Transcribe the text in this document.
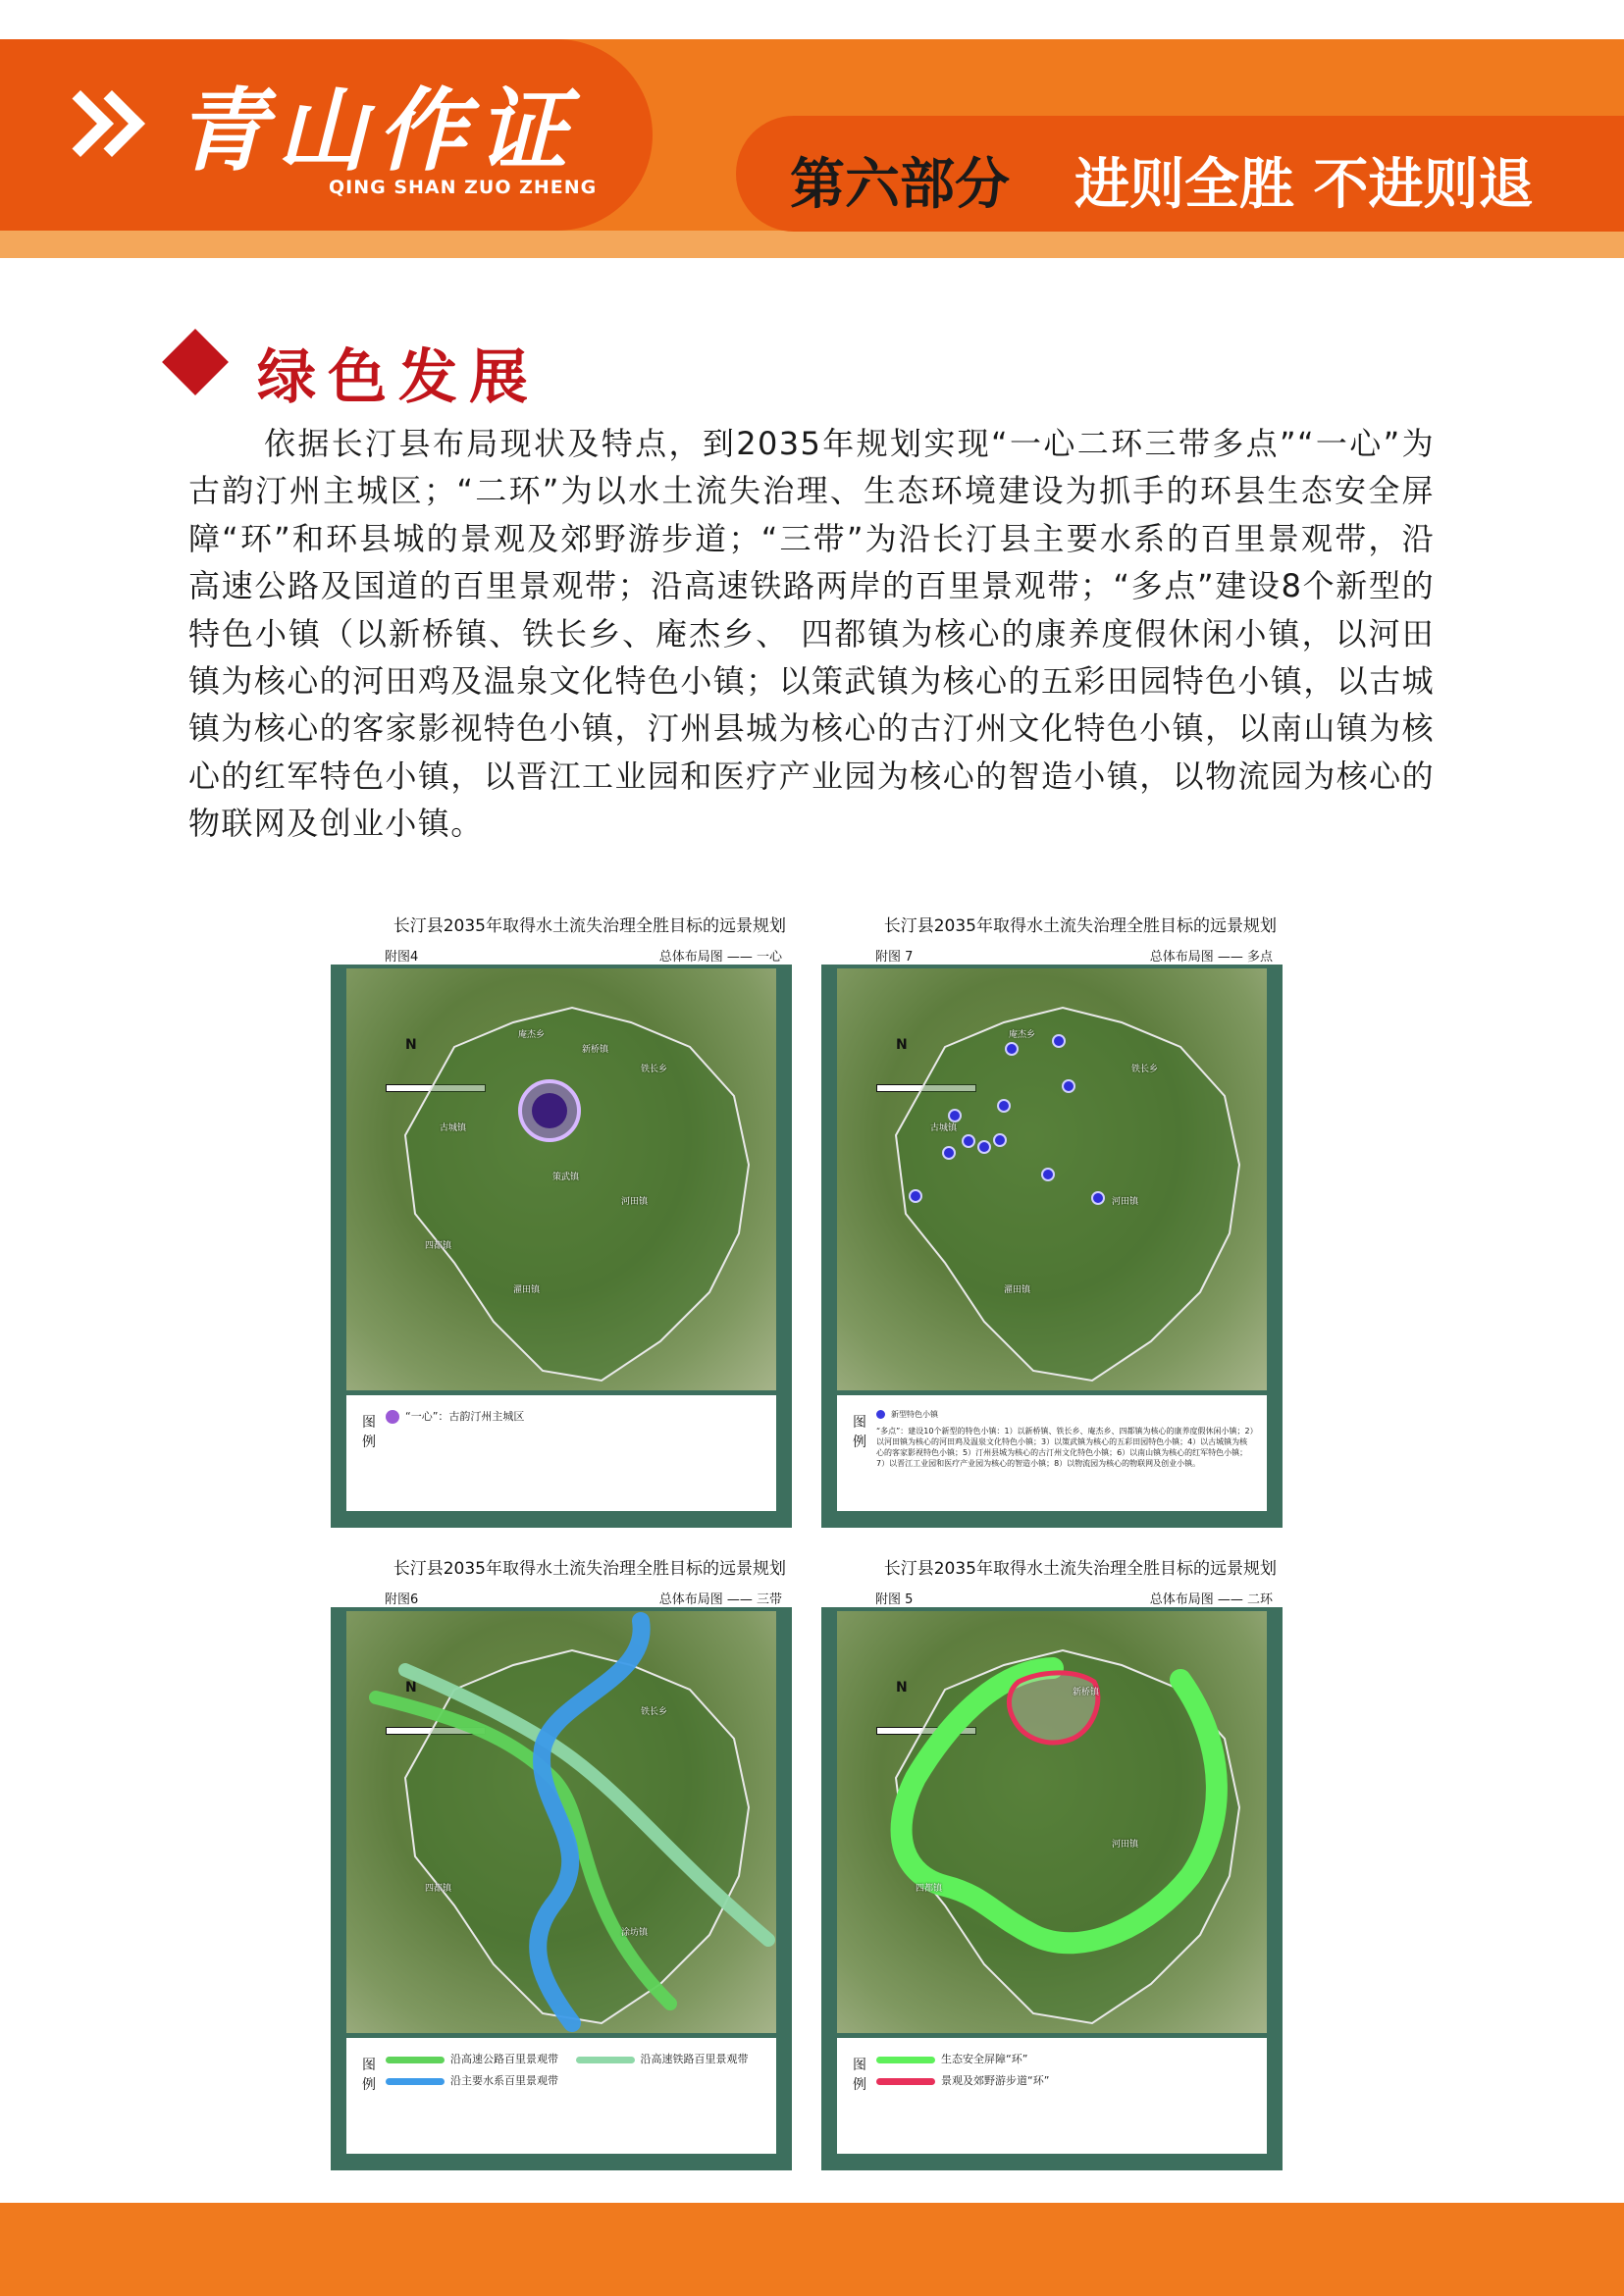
青山作证
QING SHAN ZUO ZHENG	第六部分 进则全胜 不进则退
绿色发展
依据长汀县布局现状及特点，到2035年规划实现“一心二环三带多点”“一心”为古韵汀州主城区；“二环”为以水土流失治理、生态环境建设为抓手的环县生态安全屏障“环”和环县城的景观及郊野游步道；“三带”为沿长汀县主要水系的百里景观带，沿高速公路及国道的百里景观带；沿高速铁路两岸的百里景观带；“多点”建设8个新型的特色小镇（以新桥镇、铁长乡、庵杰乡、 四都镇为核心的康养度假休闲小镇，以河田镇为核心的河田鸡及温泉文化特色小镇；以策武镇为核心的五彩田园特色小镇，以古城镇为核心的客家影视特色小镇，汀州县城为核心的古汀州文化特色小镇，以南山镇为核心的红军特色小镇，以晋江工业园和医疗产业园为核心的智造小镇，以物流园为核心的物联网及创业小镇。
长汀县2035年取得水土流失治理全胜目标的远景规划
附图4	总体布局图 —— 一心
N
庵杰乡
新桥镇
铁长乡
古城镇
策武镇
河田镇
濯田镇
四都镇
图例
“一心”：古韵汀州主城区
长汀县2035年取得水土流失治理全胜目标的远景规划
附图 7	总体布局图 —— 多点
N
庵杰乡
铁长乡
古城镇
河田镇
濯田镇
图例
新型特色小镇
“多点”：建设10个新型的特色小镇：1）以新桥镇、铁长乡、庵杰乡、四都镇为核心的康养度假休闲小镇；2）以河田镇为核心的河田鸡及温泉文化特色小镇；3）以策武镇为核心的五彩田园特色小镇；4）以古城镇为核心的客家影视特色小镇；5）汀州县城为核心的古汀州文化特色小镇；6）以南山镇为核心的红军特色小镇；7）以晋江工业园和医疗产业园为核心的智造小镇；8）以物流园为核心的物联网及创业小镇。
长汀县2035年取得水土流失治理全胜目标的远景规划
附图6	总体布局图 —— 三带
N
铁长乡
四都镇
涂坊镇
图例
沿高速公路百里景观带	沿高速铁路百里景观带
沿主要水系百里景观带
长汀县2035年取得水土流失治理全胜目标的远景规划
附图 5	总体布局图 —— 二环
N	新桥镇
河田镇
四都镇
图例
生态安全屏障“环”
景观及郊野游步道“环”
